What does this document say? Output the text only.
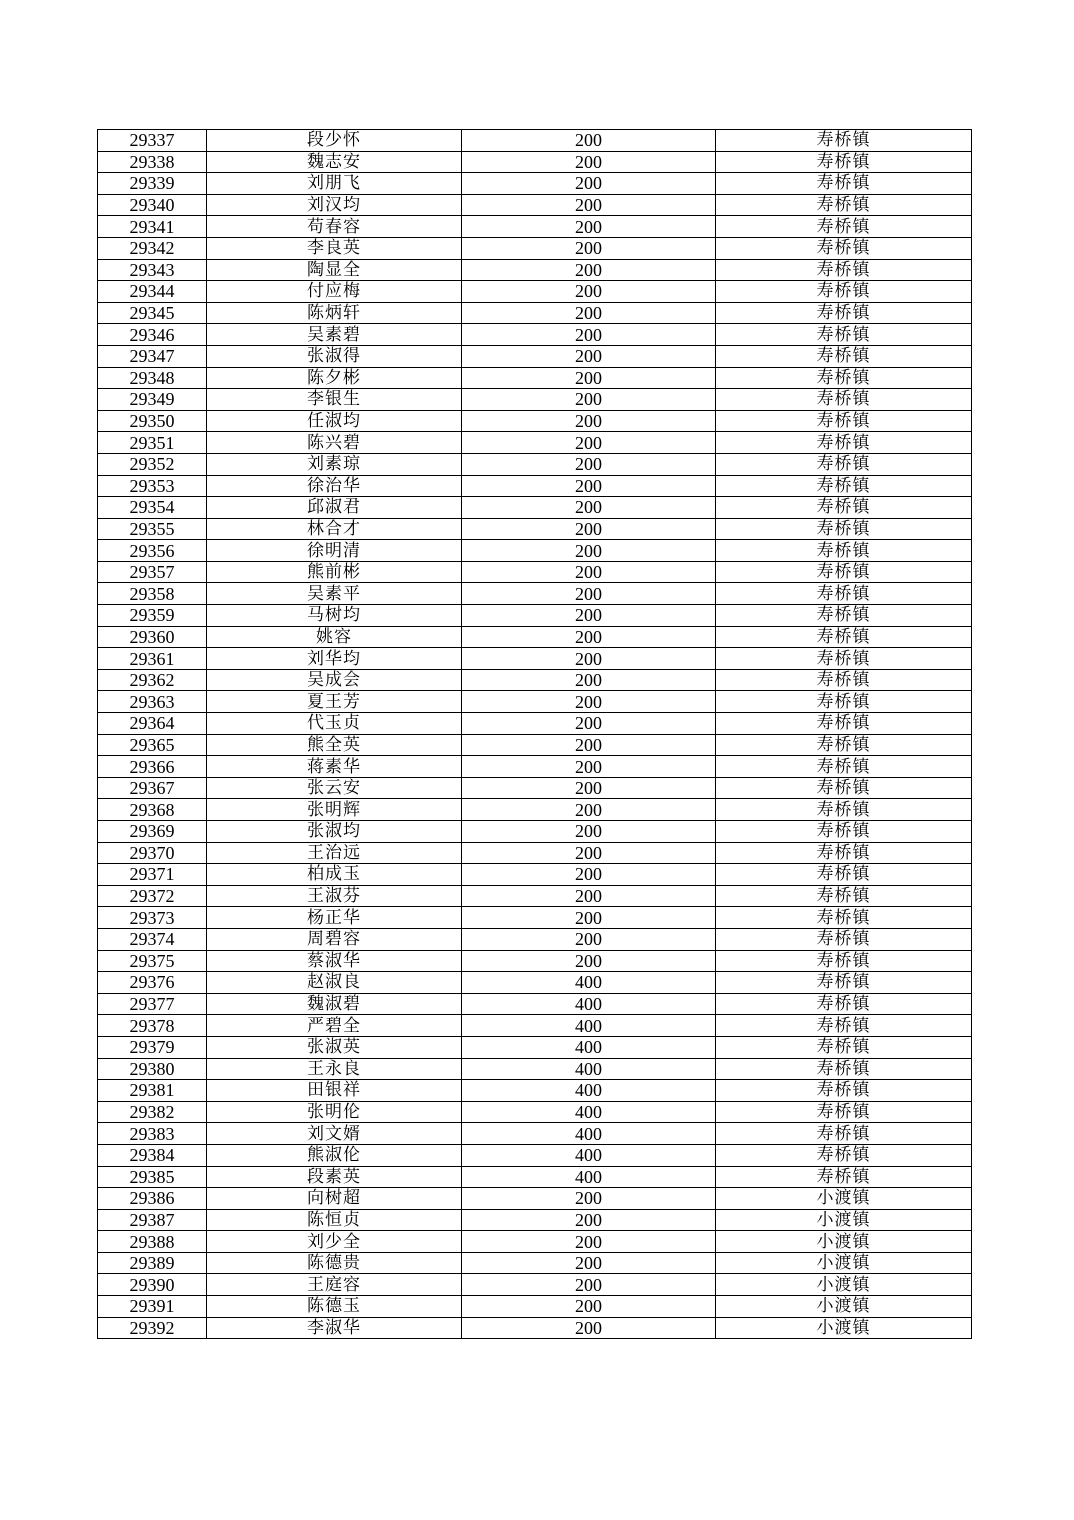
29337	段少怀	200	寿桥镇
29338	魏志安	200	寿桥镇
29339	刘朋飞	200	寿桥镇
29340	刘汉均	200	寿桥镇
29341	苟春容	200	寿桥镇
29342	李良英	200	寿桥镇
29343	陶显全	200	寿桥镇
29344	付应梅	200	寿桥镇
29345	陈炳轩	200	寿桥镇
29346	吴素碧	200	寿桥镇
29347	张淑得	200	寿桥镇
29348	陈夕彬	200	寿桥镇
29349	李银生	200	寿桥镇
29350	任淑均	200	寿桥镇
29351	陈兴碧	200	寿桥镇
29352	刘素琼	200	寿桥镇
29353	徐治华	200	寿桥镇
29354	邱淑君	200	寿桥镇
29355	林合才	200	寿桥镇
29356	徐明清	200	寿桥镇
29357	熊前彬	200	寿桥镇
29358	吴素平	200	寿桥镇
29359	马树均	200	寿桥镇
29360	姚容	200	寿桥镇
29361	刘华均	200	寿桥镇
29362	吴成会	200	寿桥镇
29363	夏王芳	200	寿桥镇
29364	代玉贞	200	寿桥镇
29365	熊全英	200	寿桥镇
29366	蒋素华	200	寿桥镇
29367	张云安	200	寿桥镇
29368	张明辉	200	寿桥镇
29369	张淑均	200	寿桥镇
29370	王治远	200	寿桥镇
29371	柏成玉	200	寿桥镇
29372	王淑芬	200	寿桥镇
29373	杨正华	200	寿桥镇
29374	周碧容	200	寿桥镇
29375	蔡淑华	200	寿桥镇
29376	赵淑良	400	寿桥镇
29377	魏淑碧	400	寿桥镇
29378	严碧全	400	寿桥镇
29379	张淑英	400	寿桥镇
29380	王永良	400	寿桥镇
29381	田银祥	400	寿桥镇
29382	张明伦	400	寿桥镇
29383	刘文婿	400	寿桥镇
29384	熊淑伦	400	寿桥镇
29385	段素英	400	寿桥镇
29386	向树超	200	小渡镇
29387	陈恒贞	200	小渡镇
29388	刘少全	200	小渡镇
29389	陈德贵	200	小渡镇
29390	王庭容	200	小渡镇
29391	陈德玉	200	小渡镇
29392	李淑华	200	小渡镇
